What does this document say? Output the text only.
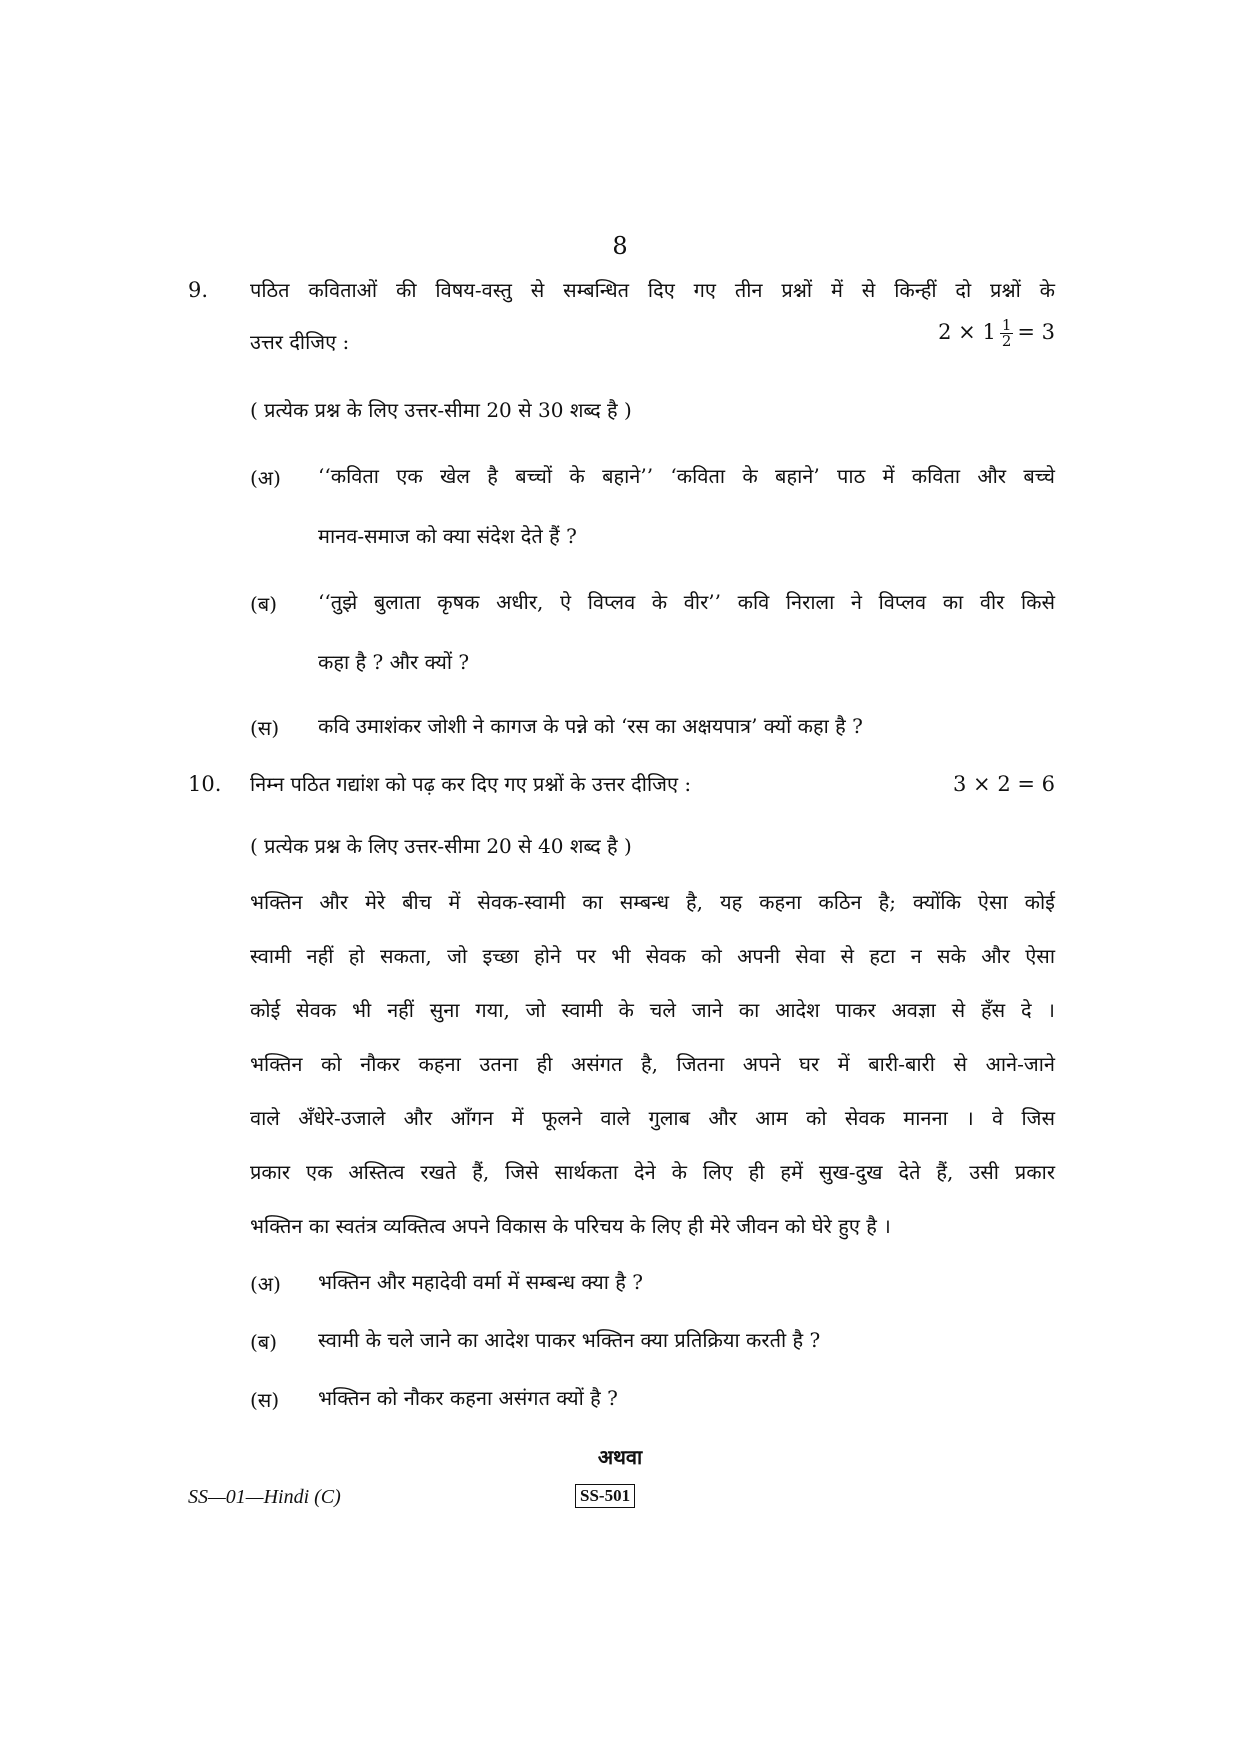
8
9. पठित कविताओं की विषय-वस्तु से सम्बन्धित दिए गए तीन प्रश्नों में से किन्हीं दो प्रश्नों के
उत्तर दीजिए :	$2 \times 1 \frac{1}{2} = 3$
( प्रत्येक प्रश्न के लिए उत्तर-सीमा 20 से 30 शब्द है )
(अ) ‘‘कविता एक खेल है बच्चों के बहाने’’ ‘कविता के बहाने’ पाठ में कविता और बच्चे
मानव-समाज को क्या संदेश देते हैं ?
(ब) ‘‘तुझे बुलाता कृषक अधीर, ऐ विप्लव के वीर’’ कवि निराला ने विप्लव का वीर किसे
कहा है ? और क्यों ?
(स) कवि उमाशंकर जोशी ने कागज के पन्ने को ‘रस का अक्षयपात्र’ क्यों कहा है ?
10. निम्न पठित गद्यांश को पढ़ कर दिए गए प्रश्नों के उत्तर दीजिए :	3 × 2 = 6
( प्रत्येक प्रश्न के लिए उत्तर-सीमा 20 से 40 शब्द है )
भक्तिन और मेरे बीच में सेवक-स्वामी का सम्बन्ध है, यह कहना कठिन है; क्योंकि ऐसा कोई
स्वामी नहीं हो सकता, जो इच्छा होने पर भी सेवक को अपनी सेवा से हटा न सके और ऐसा
कोई सेवक भी नहीं सुना गया, जो स्वामी के चले जाने का आदेश पाकर अवज्ञा से हँस दे ।
भक्तिन को नौकर कहना उतना ही असंगत है, जितना अपने घर में बारी-बारी से आने-जाने
वाले अँधेरे-उजाले और आँगन में फूलने वाले गुलाब और आम को सेवक मानना । वे जिस
प्रकार एक अस्तित्व रखते हैं, जिसे सार्थकता देने के लिए ही हमें सुख-दुख देते हैं, उसी प्रकार
भक्तिन का स्वतंत्र व्यक्तित्व अपने विकास के परिचय के लिए ही मेरे जीवन को घेरे हुए है ।
(अ) भक्तिन और महादेवी वर्मा में सम्बन्ध क्या है ?
(ब) स्वामी के चले जाने का आदेश पाकर भक्तिन क्या प्रतिक्रिया करती है ?
(स) भक्तिन को नौकर कहना असंगत क्यों है ?
अथवा
SS—01—Hindi (C)	SS-501
